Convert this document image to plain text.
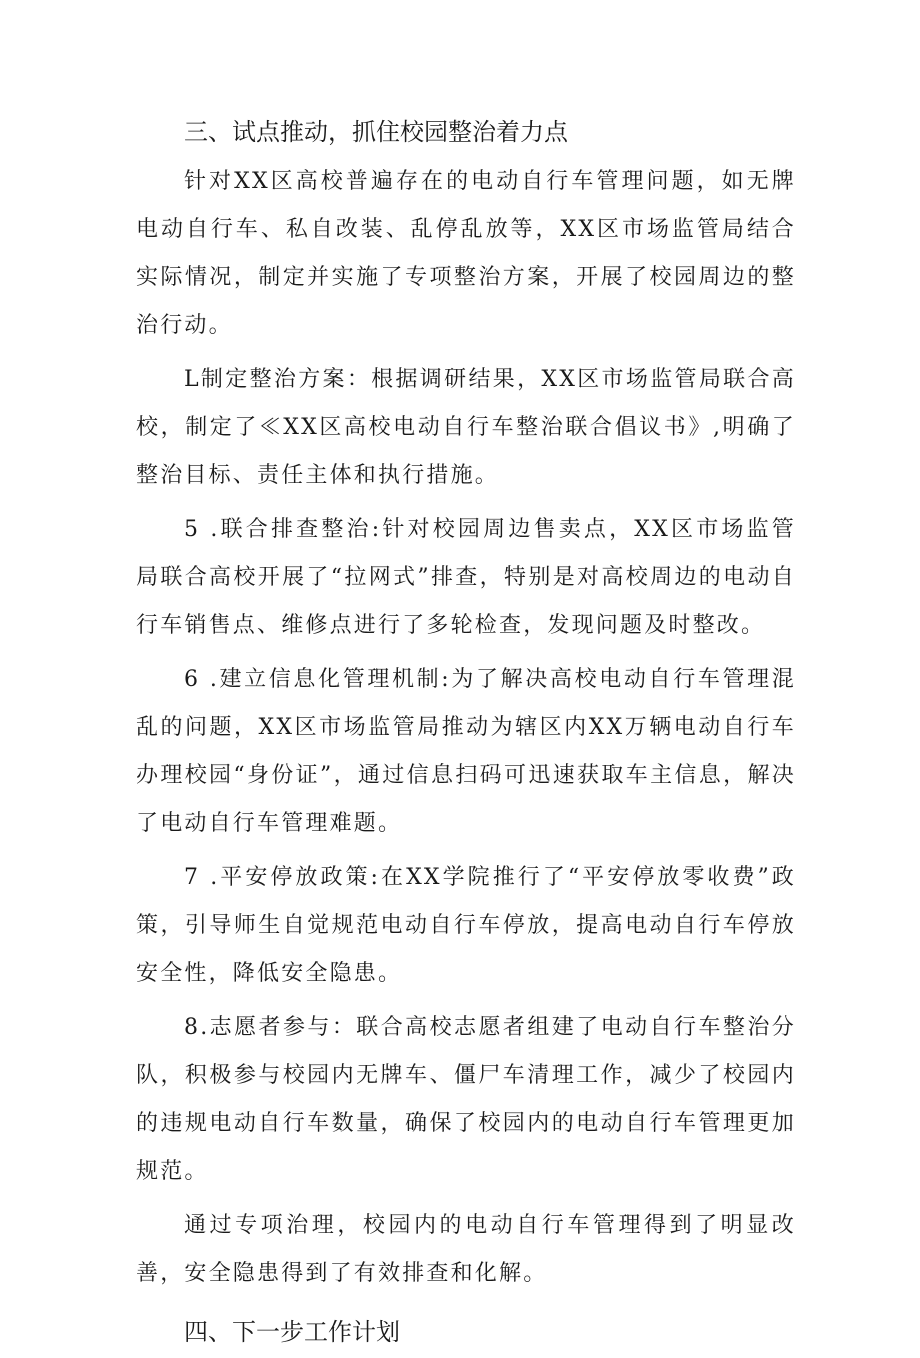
三、试点推动，抓住校园整治着力点

针对XX区高校普遍存在的电动自行车管理问题，如无牌电动自行车、私自改装、乱停乱放等，XX区市场监管局结合实际情况，制定并实施了专项整治方案，开展了校园周边的整治行动。

L制定整治方案：根据调研结果，XX区市场监管局联合高校，制定了≪XX区高校电动自行车整治联合倡议书》,明确了整治目标、责任主体和执行措施。

5 .联合排查整治:针对校园周边售卖点，XX区市场监管局联合高校开展了“拉网式”排查，特别是对高校周边的电动自行车销售点、维修点进行了多轮检查，发现问题及时整改。

6 .建立信息化管理机制:为了解决高校电动自行车管理混乱的问题，XX区市场监管局推动为辖区内XX万辆电动自行车办理校园“身份证”，通过信息扫码可迅速获取车主信息，解决了电动自行车管理难题。

7 .平安停放政策:在XX学院推行了“平安停放零收费”政策，引导师生自觉规范电动自行车停放，提高电动自行车停放安全性，降低安全隐患。

8.志愿者参与：联合高校志愿者组建了电动自行车整治分队，积极参与校园内无牌车、僵尸车清理工作，减少了校园内的违规电动自行车数量，确保了校园内的电动自行车管理更加规范。

通过专项治理，校园内的电动自行车管理得到了明显改善，安全隐患得到了有效排查和化解。

四、下一步工作计划
